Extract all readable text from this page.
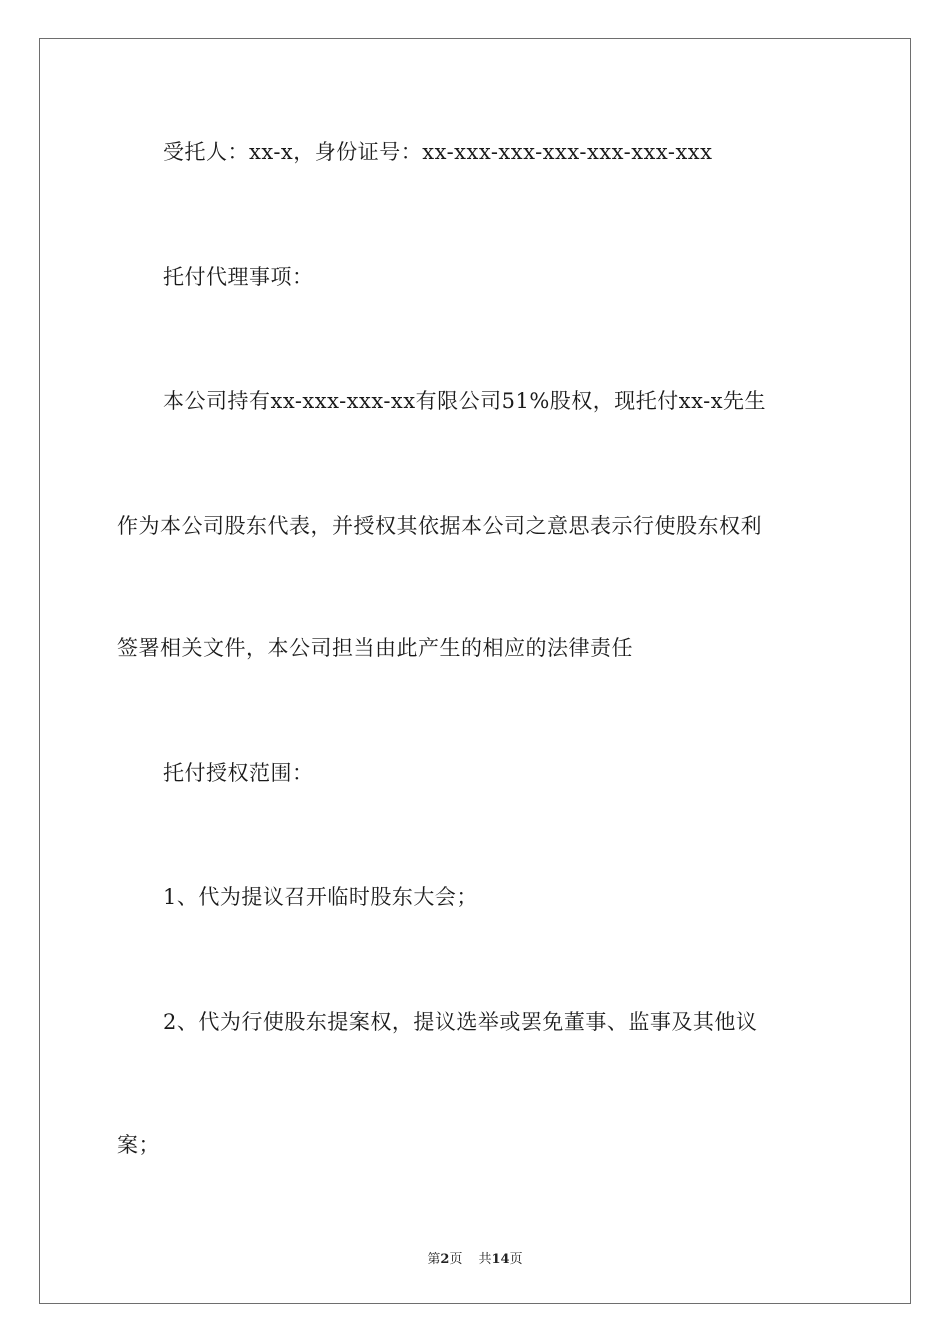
受托人：xx-x，身份证号：xx-xxx-xxx-xxx-xxx-xxx-xxx
托付代理事项：
本公司持有xx-xxx-xxx-xx有限公司51%股权，现托付xx-x先生
作为本公司股东代表，并授权其依据本公司之意思表示行使股东权利
签署相关文件，本公司担当由此产生的相应的法律责任
托付授权范围：
1、代为提议召开临时股东大会；
2、代为行使股东提案权，提议选举或罢免董事、监事及其他议
案；
第2页 共14页
